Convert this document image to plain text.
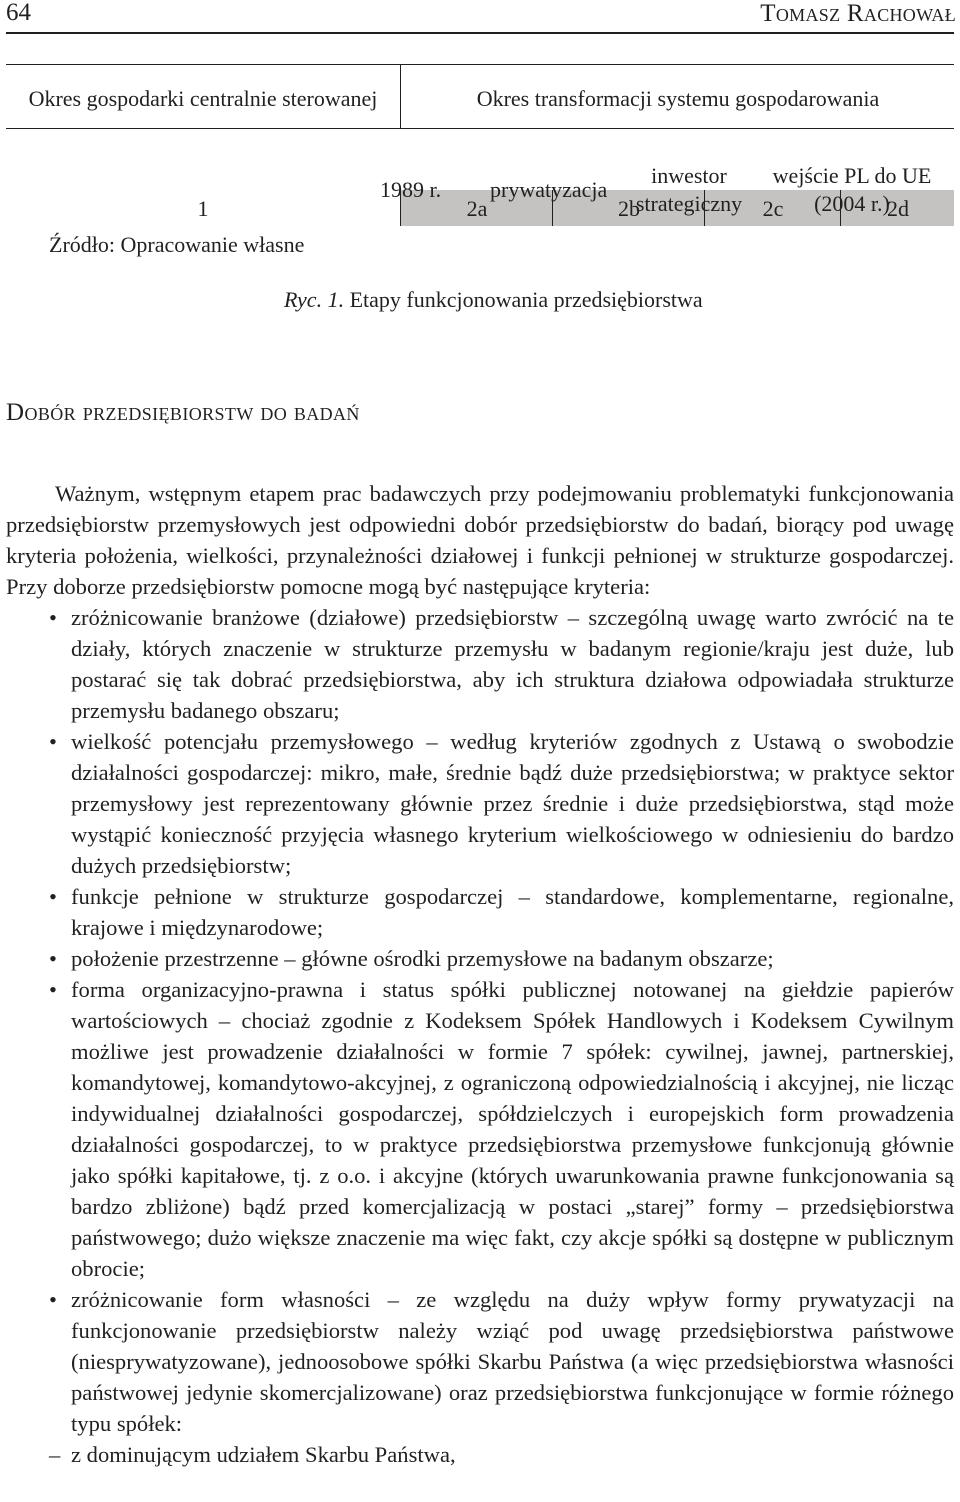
64	Tomasz Rachował
Okres gospodarki centralnie sterowanej	Okres transformacji systemu gospodarowania
1	2a	2b	2c	2d
1989 r. prywatyzacja
inwestor
strategiczny
wejście PL do UE
(2004 r.)
Źródło: Opracowanie własne
Ryc. 1. Etapy funkcjonowania przedsiębiorstwa
Dobór przedsiębiorstw do badań

Ważnym, wstępnym etapem prac badawczych przy podejmowaniu problematyki funkcjonowania przedsiębiorstw przemysłowych jest odpowiedni dobór przedsiębiorstw do badań, biorący pod uwagę kryteria położenia, wielkości, przynależności działowej i funkcji pełnionej w strukturze gospodarczej. Przy doborze przedsiębiorstw pomocne mogą być następujące kryteria:

• zróżnicowanie branżowe (działowe) przedsiębiorstw – szczególną uwagę warto zwrócić na te działy, których znaczenie w strukturze przemysłu w badanym regionie/kraju jest duże, lub postarać się tak dobrać przedsiębiorstwa, aby ich struktura działowa odpowiadała strukturze przemysłu badanego obszaru;
• wielkość potencjału przemysłowego – według kryteriów zgodnych z Ustawą o swobodzie działalności gospodarczej: mikro, małe, średnie bądź duże przedsiębiorstwa; w praktyce sektor przemysłowy jest reprezentowany głównie przez średnie i duże przedsiębiorstwa, stąd może wystąpić konieczność przyjęcia własnego kryterium wielkościowego w odniesieniu do bardzo dużych przedsiębiorstw;
• funkcje pełnione w strukturze gospodarczej – standardowe, komplementarne, regionalne, krajowe i międzynarodowe;
• położenie przestrzenne – główne ośrodki przemysłowe na badanym obszarze;
• forma organizacyjno-prawna i status spółki publicznej notowanej na giełdzie papierów wartościowych – chociaż zgodnie z Kodeksem Spółek Handlowych i Kodeksem Cywilnym możliwe jest prowadzenie działalności w formie 7 spółek: cywilnej, jawnej, partnerskiej, komandytowej, komandytowo-akcyjnej, z ograniczoną odpowiedzialnością i akcyjnej, nie licząc indywidualnej działalności gospodarczej, spółdzielczych i europejskich form prowadzenia działalności gospodarczej, to w praktyce przedsiębiorstwa przemysłowe funkcjonują głównie jako spółki kapitałowe, tj. z o.o. i akcyjne (których uwarunkowania prawne funkcjonowania są bardzo zbliżone) bądź przed komercjalizacją w postaci „starej” formy – przedsiębiorstwa państwowego; dużo większe znaczenie ma więc fakt, czy akcje spółki są dostępne w publicznym obrocie;
• zróżnicowanie form własności – ze względu na duży wpływ formy prywatyzacji na funkcjonowanie przedsiębiorstw należy wziąć pod uwagę przedsiębiorstwa państwowe (niesprywatyzowane), jednoosobowe spółki Skarbu Państwa (a więc przedsiębiorstwa własności państwowej jedynie skomercjalizowane) oraz przedsiębiorstwa funkcjonujące w formie różnego typu spółek:
– z dominującym udziałem Skarbu Państwa,
